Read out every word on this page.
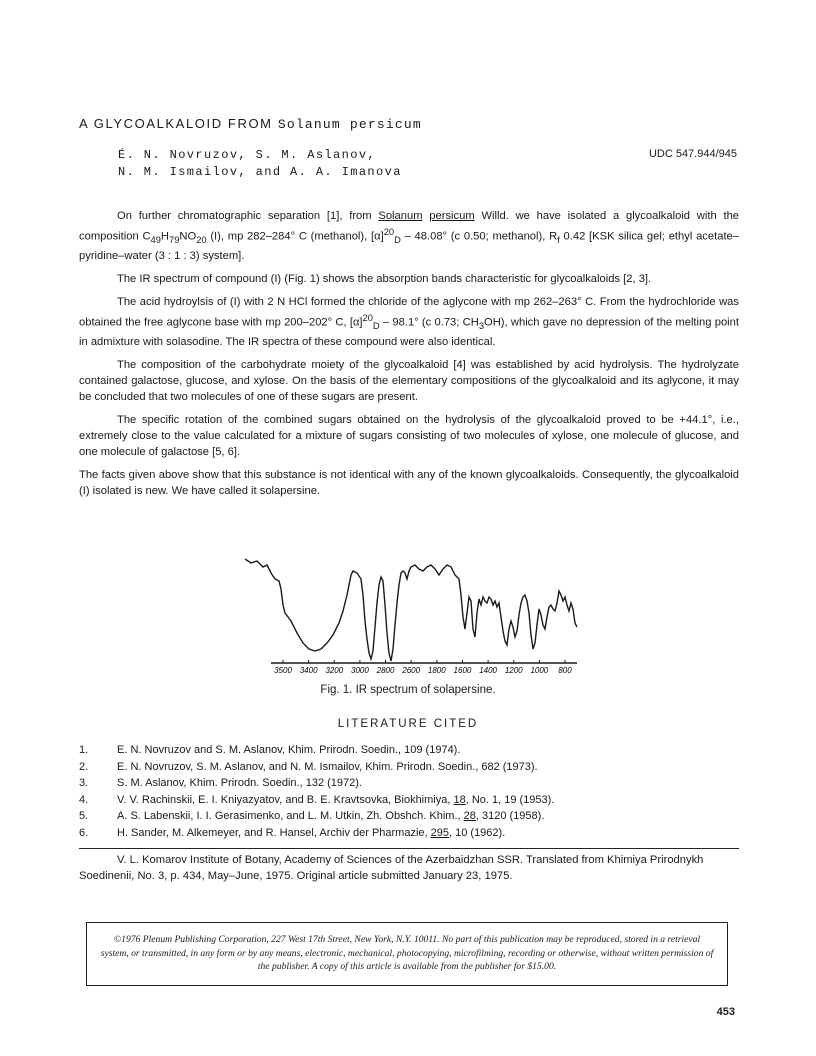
A GLYCOALKALOID FROM Solanum persicum
É. N. Novruzov, S. M. Aslanov,
N. M. Ismailov, and A. A. Imanova
UDC 547.944/945

On further chromatographic separation [1], from Solanum persicum Willd. we have isolated a glycoalkaloid with the composition $C_{49}H_{79}NO_{20}$ (I), mp 282–284° C (methanol), $[\alpha]^{20}_D - 48.08^\circ$ (c 0.50; methanol), $R_f$ 0.42 [KSK silica gel; ethyl acetate–pyridine–water (3 : 1 : 3) system].

The IR spectrum of compound (I) (Fig. 1) shows the absorption bands characteristic for glycoalkaloids [2, 3].

The acid hydroylsis of (I) with 2 N HCl formed the chloride of the aglycone with mp 262–263° C. From the hydrochloride was obtained the free aglycone base with mp 200–202° C, $[\alpha]^{20}_D - 98.1^\circ$ (c 0.73; $CH_3OH$), which gave no depression of the melting point in admixture with solasodine. The IR spectra of these compound were also identical.

The composition of the carbohydrate moiety of the glycoalkaloid [4] was established by acid hydrolysis. The hydrolyzate contained galactose, glucose, and xylose. On the basis of the elementary compositions of the glycoalkaloid and its aglycone, it may be concluded that two molecules of one of these sugars are present.

The specific rotation of the combined sugars obtained on the hydrolysis of the glycoalkaloid proved to be +44.1°, i.e., extremely close to the value calculated for a mixture of sugars consisting of two molecules of xylose, one molecule of glucose, and one molecule of galactose [5, 6].

The facts given above show that this substance is not identical with any of the known glycoalkaloids. Consequently, the glycoalkaloid (I) isolated is new. We have called it solapersine.

3500 3400 3200 3000 2800 2600 1800 1600 1400 1200 1000 800
Fig. 1. IR spectrum of solapersine.
LITERATURE CITED
1.	E. N. Novruzov and S. M. Aslanov, Khim. Prirodn. Soedin., 109 (1974).
2.	E. N. Novruzov, S. M. Aslanov, and N. M. Ismailov, Khim. Prirodn. Soedin., 682 (1973).
3.	S. M. Aslanov, Khim. Prirodn. Soedin., 132 (1972).
4.	V. V. Rachinskii, E. I. Kniyazyatov, and B. E. Kravtsovka, Biokhimiya, 18, No. 1, 19 (1953).
5.	A. S. Labenskii, I. I. Gerasimenko, and L. M. Utkin, Zh. Obshch. Khim., 28, 3120 (1958).
6.	H. Sander, M. Alkemeyer, and R. Hansel, Archiv der Pharmazie, 295, 10 (1962).
V. L. Komarov Institute of Botany, Academy of Sciences of the Azerbaidzhan SSR. Translated from Khimiya Prirodnykh Soedinenii, No. 3, p. 434, May–June, 1975. Original article submitted January 23, 1975.
©1976 Plenum Publishing Corporation, 227 West 17th Street, New York, N.Y. 10011. No part of this publication may be reproduced, stored in a retrieval system, or transmitted, in any form or by any means, electronic, mechanical, photocopying, microfilming, recording or otherwise, without written permission of the publisher. A copy of this article is available from the publisher for $15.00.
453
